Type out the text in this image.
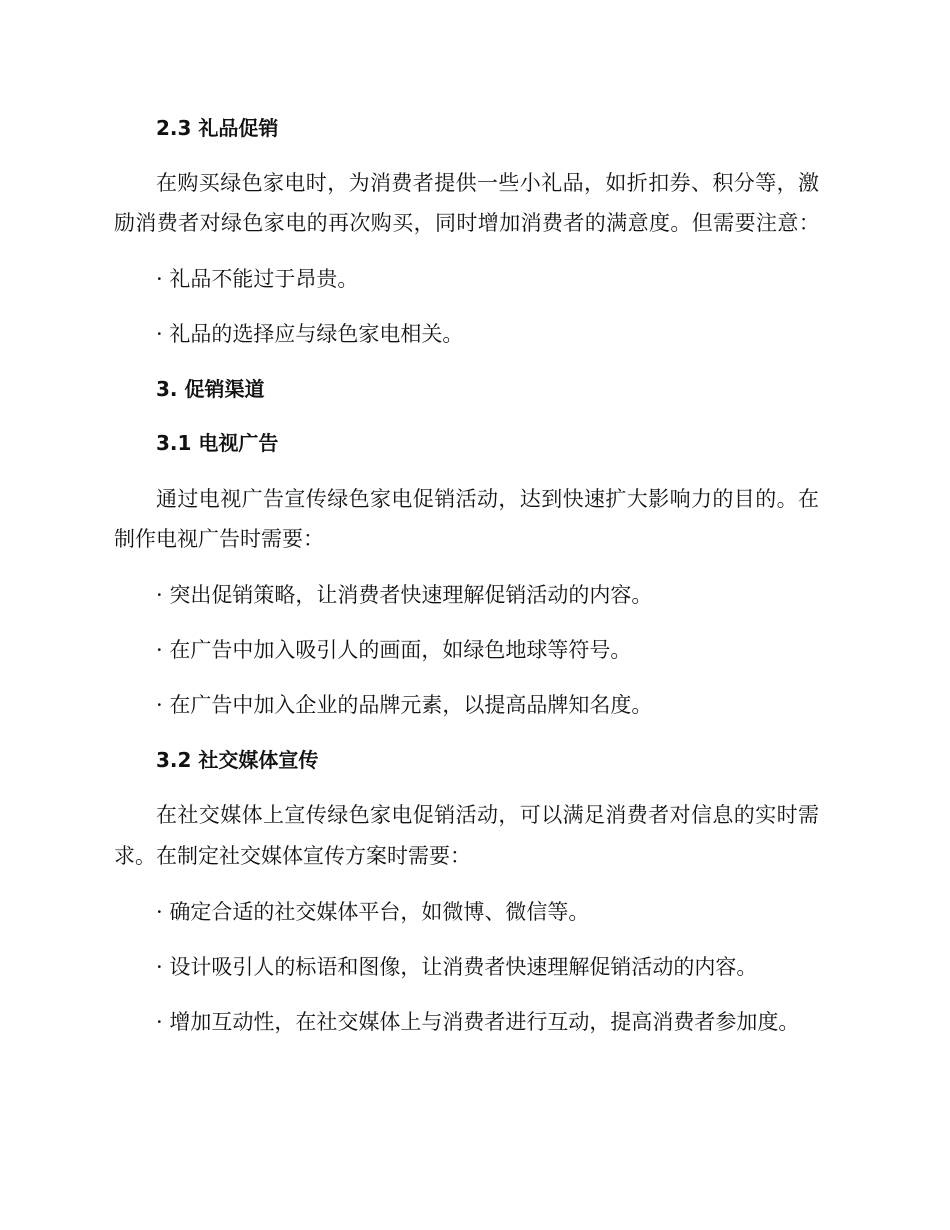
2.3 礼品促销
在购买绿色家电时，为消费者提供一些小礼品，如折扣券、积分等，激
励消费者对绿色家电的再次购买，同时增加消费者的满意度。但需要注意：
· 礼品不能过于昂贵。
· 礼品的选择应与绿色家电相关。
3. 促销渠道
3.1 电视广告
通过电视广告宣传绿色家电促销活动，达到快速扩大影响力的目的。在
制作电视广告时需要：
· 突出促销策略，让消费者快速理解促销活动的内容。
· 在广告中加入吸引人的画面，如绿色地球等符号。
· 在广告中加入企业的品牌元素，以提高品牌知名度。
3.2 社交媒体宣传
在社交媒体上宣传绿色家电促销活动，可以满足消费者对信息的实时需
求。在制定社交媒体宣传方案时需要：
· 确定合适的社交媒体平台，如微博、微信等。
· 设计吸引人的标语和图像，让消费者快速理解促销活动的内容。
· 增加互动性，在社交媒体上与消费者进行互动，提高消费者参加度。
